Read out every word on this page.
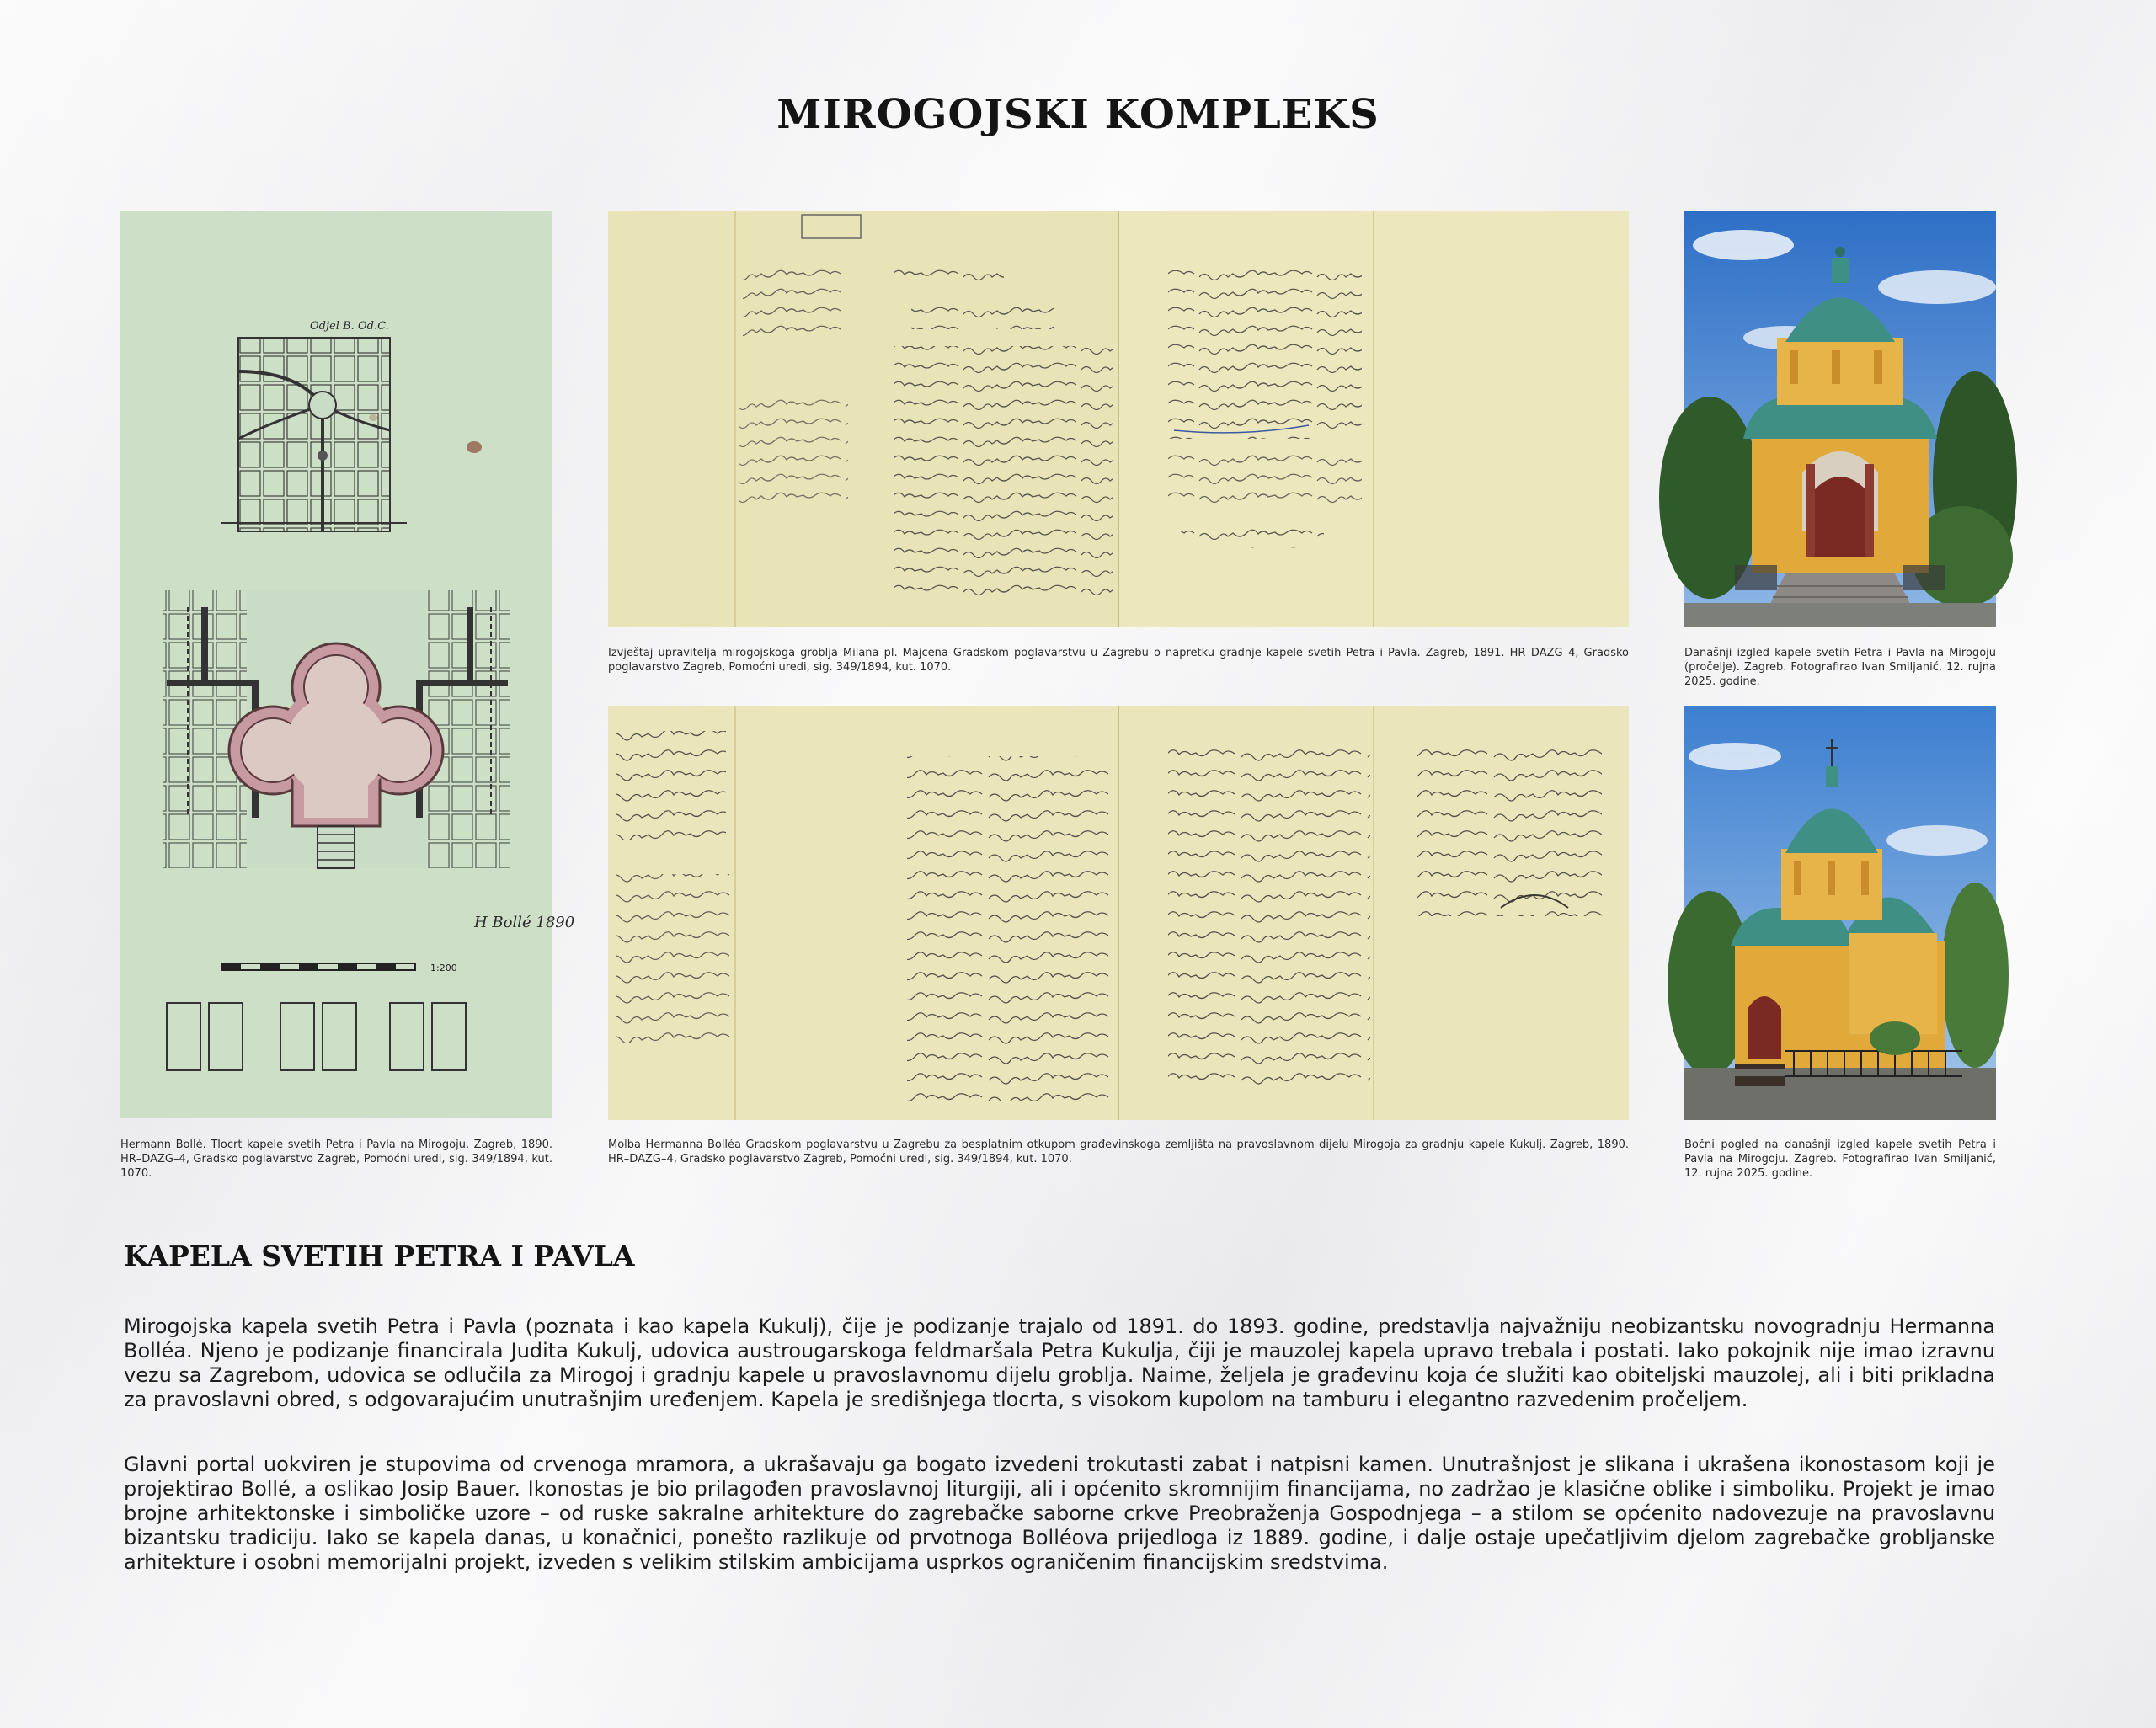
MIROGOJSKI KOMPLEKS
Odjel B. Od.C.
H Bollé 1890
1:200

Hermann Bollé. Tlocrt kapele svetih Petra i Pavla na Mirogoju. Zagreb, 1890. HR–DAZG–4, Gradsko poglavarstvo Zagreb, Pomoćni uredi, sig. 349/1894, kut. 1070.

Izvještaj upravitelja mirogojskoga groblja Milana pl. Majcena Gradskom poglavarstvu u Zagrebu o napretku gradnje kapele svetih Petra i Pavla. Zagreb, 1891. HR–DAZG–4, Gradsko poglavarstvo Zagreb, Pomoćni uredi, sig. 349/1894, kut. 1070.

Molba Hermanna Bolléa Gradskom poglavarstvu u Zagrebu za besplatnim otkupom građevinskoga zemljišta na pravoslavnom dijelu Mirogoja za gradnju kapele Kukulj. Zagreb, 1890. HR–DAZG–4, Gradsko poglavarstvo Zagreb, Pomoćni uredi, sig. 349/1894, kut. 1070.

Današnji izgled kapele svetih Petra i Pavla na Mirogoju (pročelje). Zagreb. Fotografirao Ivan Smiljanić, 12. rujna 2025. godine.

Bočni pogled na današnji izgled kapele svetih Petra i Pavla na Mirogoju. Zagreb. Fotografirao Ivan Smiljanić, 12. rujna 2025. godine.

KAPELA SVETIH PETRA I PAVLA

Mirogojska kapela svetih Petra i Pavla (poznata i kao kapela Kukulj), čije je podizanje trajalo od 1891. do 1893. godine, predstavlja najvažniju neobizantsku novogradnju Hermanna Bolléa. Njeno je podizanje financirala Judita Kukulj, udovica austrougarskoga feldmaršala Petra Kukulja, čiji je mauzolej kapela upravo trebala i postati. Iako pokojnik nije imao izravnu vezu sa Zagrebom, udovica se odlučila za Mirogoj i gradnju kapele u pravoslavnomu dijelu groblja. Naime, željela je građevinu koja će služiti kao obiteljski mauzolej, ali i biti prikladna za pravoslavni obred, s odgovarajućim unutrašnjim uređenjem. Kapela je središnjega tlocrta, s visokom kupolom na tamburu i elegantno razvedenim pročeljem.

Glavni portal uokviren je stupovima od crvenoga mramora, a ukrašavaju ga bogato izvedeni trokutasti zabat i natpisni kamen. Unutrašnjost je slikana i ukrašena ikonostasom koji je projektirao Bollé, a oslikao Josip Bauer. Ikonostas je bio prilagođen pravoslavnoj liturgiji, ali i općenito skromnijim financijama, no zadržao je klasične oblike i simboliku. Projekt je imao brojne arhitektonske i simboličke uzore – od ruske sakralne arhitekture do zagrebačke saborne crkve Preobraženja Gospodnjega – a stilom se općenito nadovezuje na pravoslavnu bizantsku tradiciju. Iako se kapela danas, u konačnici, ponešto razlikuje od prvotnoga Bolléova prijedloga iz 1889. godine, i dalje ostaje upečatljivim djelom zagrebačke grobljanske arhitekture i osobni memorijalni projekt, izveden s velikim stilskim ambicijama usprkos ograničenim financijskim sredstvima.
